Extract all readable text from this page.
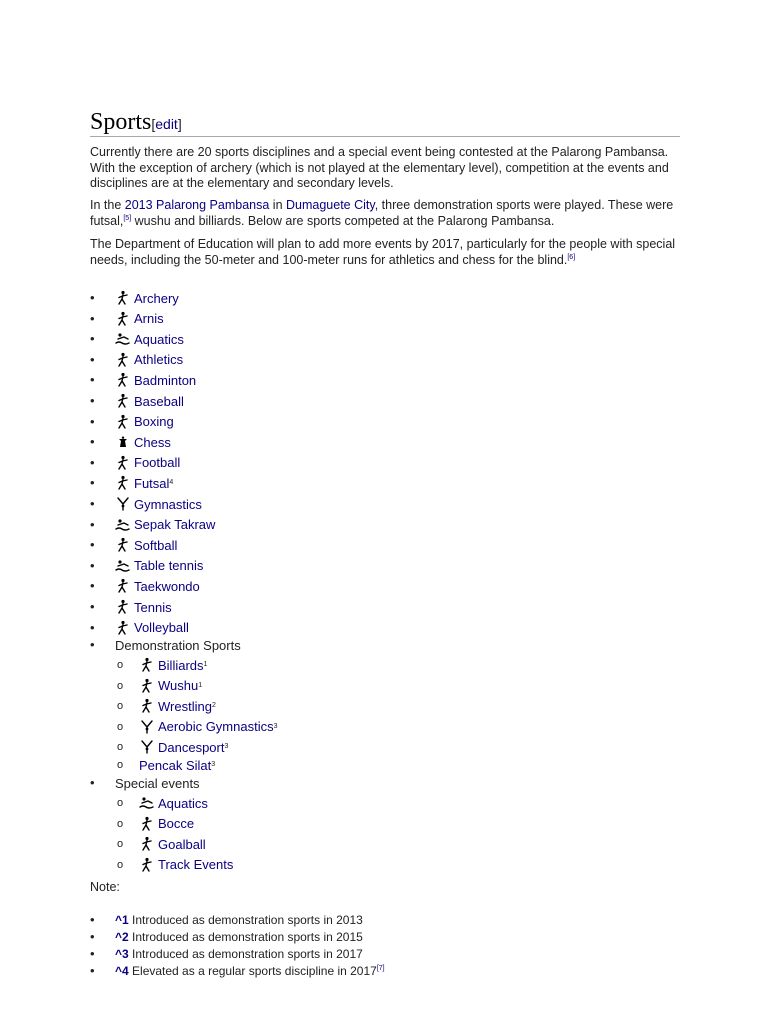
Sports[edit]

Currently there are 20 sports disciplines and a special event being contested at the Palarong Pambansa. With the exception of archery (which is not played at the elementary level), competition at the events and disciplines are at the elementary and secondary levels.

In the 2013 Palarong Pambansa in Dumaguete City, three demonstration sports were played. These were futsal,[5] wushu and billiards. Below are sports competed at the Palarong Pambansa.

The Department of Education will plan to add more events by 2017, particularly for the people with special needs, including the 50-meter and 100-meter runs for athletics and chess for the blind.[6]

•	Archery
•	Arnis
•	Aquatics
•	Athletics
•	Badminton
•	Baseball
•	Boxing
•	Chess
•	Football
•	Futsal 4
•	Gymnastics
•	Sepak Takraw
•	Softball
•	Table tennis
•	Taekwondo
•	Tennis
•	Volleyball
• Demonstration Sports
o	Billiards 1
o	Wushu 1
o	Wrestling 2
o	Aerobic Gymnastics 3
o	Dancesport 3
o Pencak Silat 3
• Special events
o	Aquatics
o	Bocce
o	Goalball
o	Track Events
Note:
• ^1 Introduced as demonstration sports in 2013
• ^2 Introduced as demonstration sports in 2015
• ^3 Introduced as demonstration sports in 2017
• ^4 Elevated as a regular sports discipline in 2017[7]
